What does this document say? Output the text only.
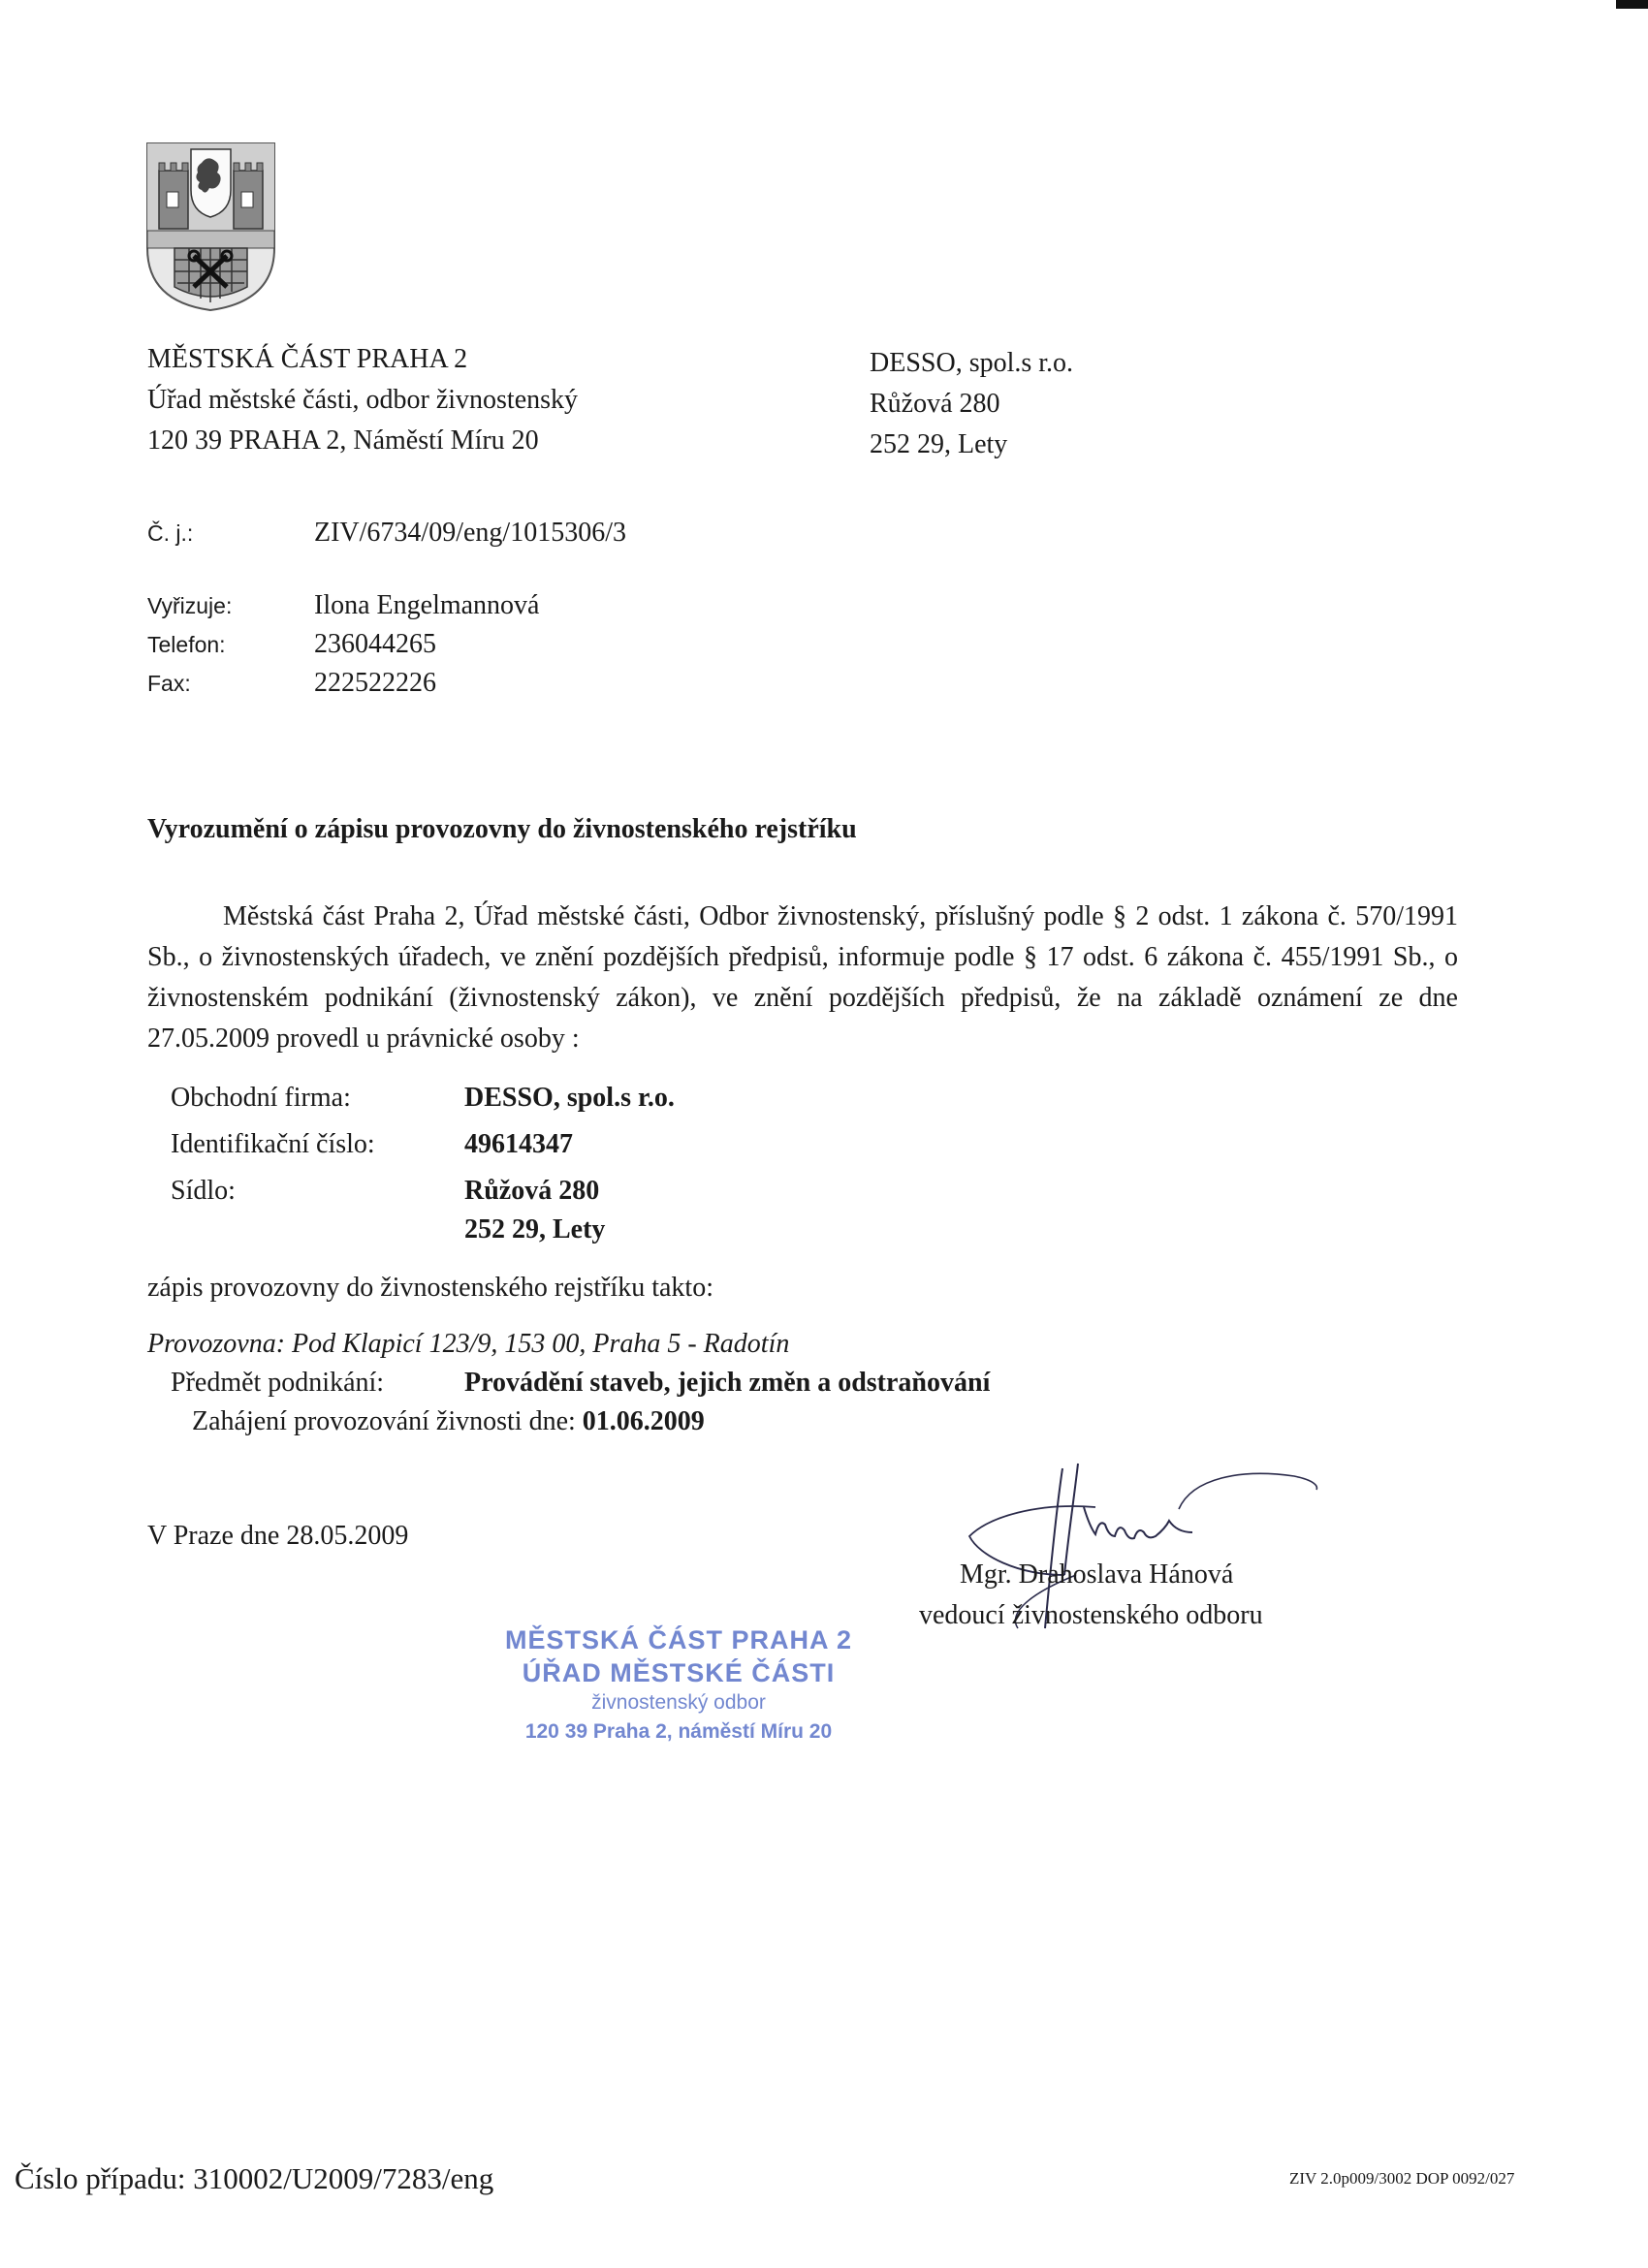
MĚSTSKÁ ČÁST PRAHA 2
Úřad městské části, odbor živnostenský
120 39 PRAHA 2, Náměstí Míru 20
DESSO, spol.s r.o.
Růžová 280
252 29, Lety
Č. j.:	ZIV/6734/09/eng/1015306/3
Vyřizuje:	Ilona Engelmannová
Telefon:	236044265
Fax:	222522226
Vyrozumění o zápisu provozovny do živnostenského rejstříku

Městská část Praha 2, Úřad městské části, Odbor živnostenský, příslušný podle § 2 odst. 1 zákona č. 570/1991 Sb., o živnostenských úřadech, ve znění pozdějších předpisů, informuje podle § 17 odst. 6 zákona č. 455/1991 Sb., o živnostenském podnikání (živnostenský zákon), ve znění pozdějších předpisů, že na základě oznámení ze dne 27.05.2009 provedl u právnické osoby :

Obchodní firma:	DESSO, spol.s r.o.
Identifikační číslo:	49614347
Sídlo:	Růžová 280
252 29, Lety
zápis provozovny do živnostenského rejstříku takto:
Provozovna: Pod Klapicí 123/9, 153 00, Praha 5 - Radotín
Předmět podnikání:	Provádění staveb, jejich změn a odstraňování
Zahájení provozování živnosti dne: 01.06.2009
V Praze dne 28.05.2009
MĚSTSKÁ ČÁST PRAHA 2
ÚŘAD MĚSTSKÉ ČÁSTI
živnostenský odbor
120 39 Praha 2, náměstí Míru 20
Mgr. Drahoslava Hánová
vedoucí živnostenského odboru
Číslo případu: 310002/U2009/7283/eng	ZIV 2.0p009/3002 DOP 0092/027
